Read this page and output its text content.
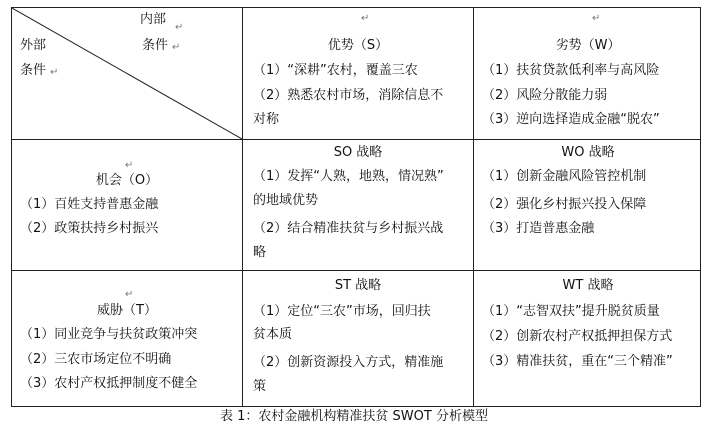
内部
↵
外部	条件 ↵
条件 ↵
↵
优势（S）
（1）“深耕”农村，覆盖三农
（2）熟悉农村市场，消除信息不
对称
↵
劣势（W）
（1）扶贫贷款低利率与高风险
（2）风险分散能力弱
（3）逆向选择造成金融“脱农”
↵
机会（O）
（1）百姓支持普惠金融
（2）政策扶持乡村振兴
SO 战略
（1）发挥“人熟，地熟，情况熟”
的地域优势
（2）结合精准扶贫与乡村振兴战
略
WO 战略
（1）创新金融风险管控机制
（2）强化乡村振兴投入保障
（3）打造普惠金融
↵
威胁（T）
（1）同业竞争与扶贫政策冲突
（2）三农市场定位不明确
（3）农村产权抵押制度不健全
ST 战略
（1）定位“三农”市场，回归扶
贫本质
（2）创新资源投入方式，精准施
策
WT 战略
（1）“志智双扶”提升脱贫质量
（2）创新农村产权抵押担保方式
（3）精准扶贫，重在“三个精准”
表 1：农村金融机构精准扶贫 SWOT 分析模型
